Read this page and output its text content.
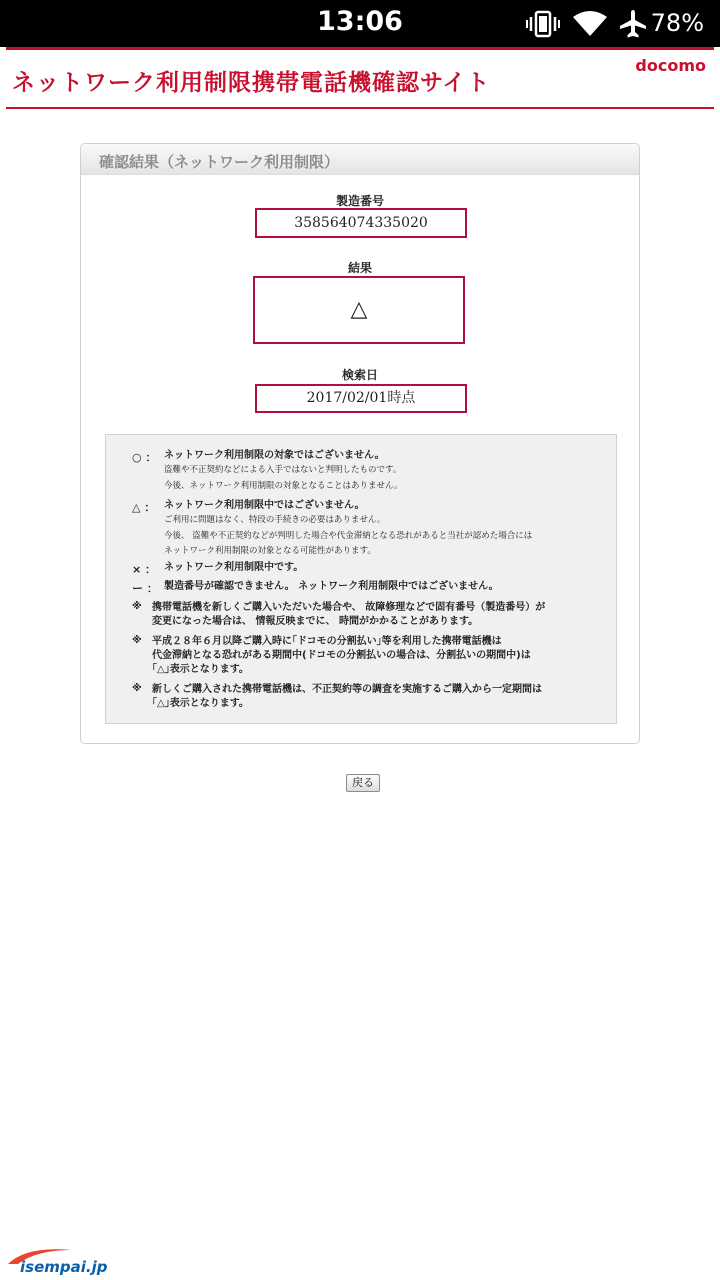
13:06	78%
ネットワーク利用制限携帯電話機確認サイト
docomo
確認結果（ネットワーク利用制限）
製造番号
358564074335020
結果
△
検索日
2017/02/01時点
○ ： ネットワーク利用制限の対象ではございません。
盗難や不正契約などによる入手ではないと判明したものです。
今後、ネットワーク利用制限の対象となることはありません。
△ ： ネットワーク利用制限中ではございません。
ご利用に問題はなく、特段の手続きの必要はありません。
今後、 盗難や不正契約などが判明した場合や代金滞納となる恐れがあると当社が認めた場合には
ネットワーク利用制限の対象となる可能性があります。
× ： ネットワーク利用制限中です。
ー ： 製造番号が確認できません。 ネットワーク利用制限中ではございません。
※ 携帯電話機を新しくご購入いただいた場合や、 故障修理などで固有番号（製造番号）が
変更になった場合は、 情報反映までに、 時間がかかることがあります。
※ 平成２８年６月以降ご購入時に｢ドコモの分割払い｣等を利用した携帯電話機は
代金滞納となる恐れがある期間中(ドコモの分割払いの場合は、分割払いの期間中)は
｢△｣表示となります。
※ 新しくご購入された携帯電話機は、不正契約等の調査を実施するご購入から一定期間は
｢△｣表示となります。
戻る
isempai.jp
